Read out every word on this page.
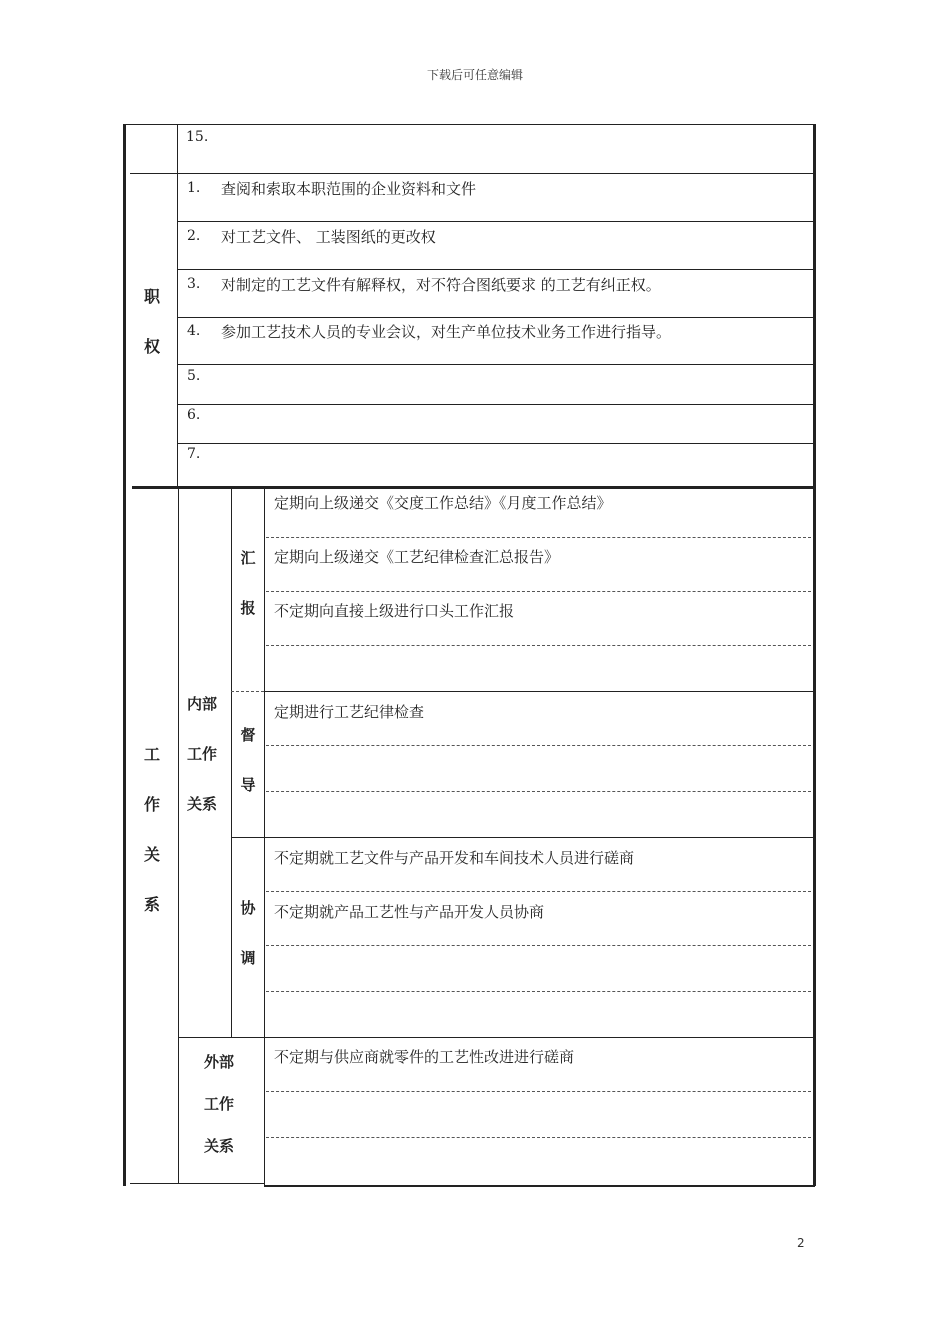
下载后可任意编辑
2
15.
职
权
1. 查阅和索取本职范围的企业资料和文件
2. 对工艺文件、 工装图纸的更改权
3. 对制定的工艺文件有解释权，对不符合图纸要求 的工艺有纠正权。
4. 参加工艺技术人员的专业会议，对生产单位技术业务工作进行指导。
5.
6.
7.
工
作
关
系
内部
工作
关系
汇
报
定期向上级递交《交度工作总结》《月度工作总结》
定期向上级递交《工艺纪律检查汇总报告》
不定期向直接上级进行口头工作汇报
督
导
定期进行工艺纪律检查
协
调
不定期就工艺文件与产品开发和车间技术人员进行磋商
不定期就产品工艺性与产品开发人员协商
外部
工作
关系
不定期与供应商就零件的工艺性改进进行磋商
